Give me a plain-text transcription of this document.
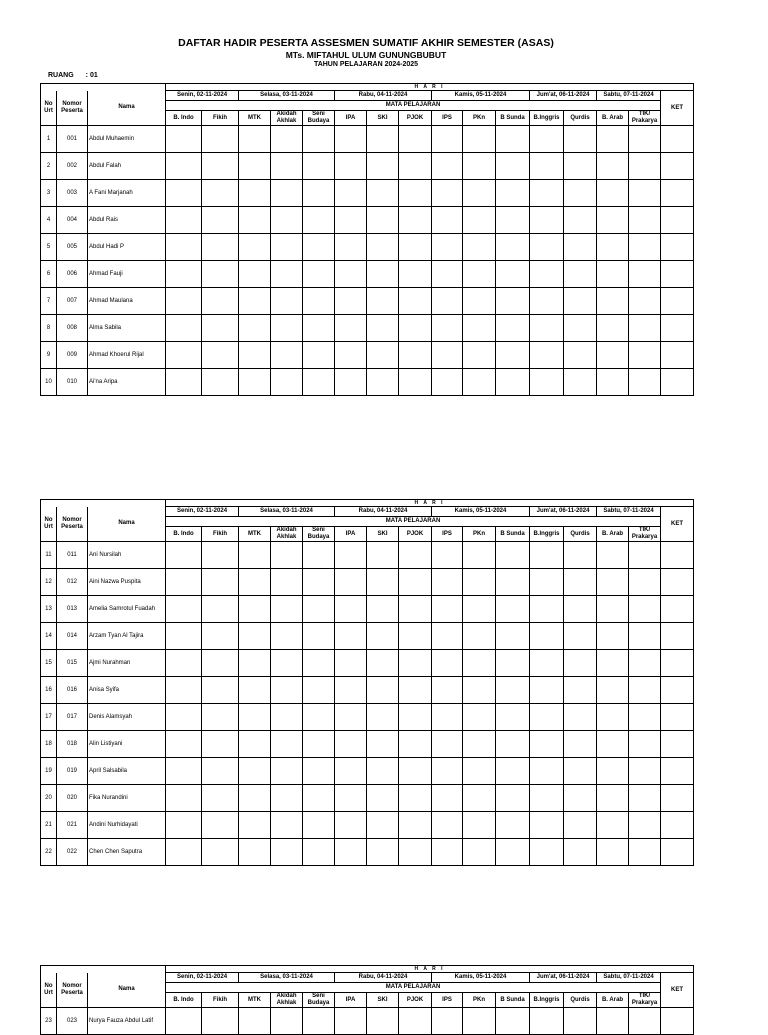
DAFTAR HADIR PESERTA ASSESMEN SUMATIF AKHIR SEMESTER (ASAS)
MTs. MIFTAHUL ULUM GUNUNGBUBUT
TAHUN PELAJARAN 2024-2025
RUANG : 01
			H A R I															
No Urt	Nomor Peserta	Nama	Senin, 02-11-2024		Selasa, 03-11-2024			Rabu, 04-11-2024			Kamis, 05-11-2024			Jum'at, 06-11-2024		Sabtu, 07-11-2024		KET
			MATA PELAJARAN															
			B. Indo	Fikih	MTK	Akidah Akhlak	Seni Budaya	IPA	SKI	PJOK	IPS	PKn	B Sunda	B.Inggris	Qurdis	B. Arab	TIK/ Prakarya	
1	001	Abdul Muhaemin																
2	002	Abdul Falah																
3	003	A Fani Marjanah																
4	004	Abdul Rais																
5	005	Abdul Hadi P																
6	006	Ahmad Fauji																
7	007	Ahmad Maulana																
8	008	Alma Sabila																
9	009	Ahmad Khoerul Rijal																
10	010	Ai'na Aripa																
			H A R I															
No Urt	Nomor Peserta	Nama	Senin, 02-11-2024		Selasa, 03-11-2024			Rabu, 04-11-2024			Kamis, 05-11-2024			Jum'at, 06-11-2024		Sabtu, 07-11-2024		KET
			MATA PELAJARAN															
			B. Indo	Fikih	MTK	Akidah Akhlak	Seni Budaya	IPA	SKI	PJOK	IPS	PKn	B Sunda	B.Inggris	Qurdis	B. Arab	TIK/ Prakarya	
11	011	Ani Nursilah																
12	012	Aini Nazwa Puspita																
13	013	Amelia Samrotul Fuadah																
14	014	Arzam Tyan Al Tajira																
15	015	Ajmi Nurahman																
16	016	Anisa Syifa																
17	017	Denis Alamsyah																
18	018	Alin Listiyani																
19	019	April Salsabila																
20	020	Fika Nurandini																
21	021	Andini Nurhidayati																
22	022	Chen Chen Saputra																
			H A R I															
No Urt	Nomor Peserta	Nama	Senin, 02-11-2024		Selasa, 03-11-2024			Rabu, 04-11-2024			Kamis, 05-11-2024			Jum'at, 06-11-2024		Sabtu, 07-11-2024		KET
			MATA PELAJARAN															
			B. Indo	Fikih	MTK	Akidah Akhlak	Seni Budaya	IPA	SKI	PJOK	IPS	PKn	B Sunda	B.Inggris	Qurdis	B. Arab	TIK/ Prakarya	
23	023	Nurya Fauza Abdul Latif																
